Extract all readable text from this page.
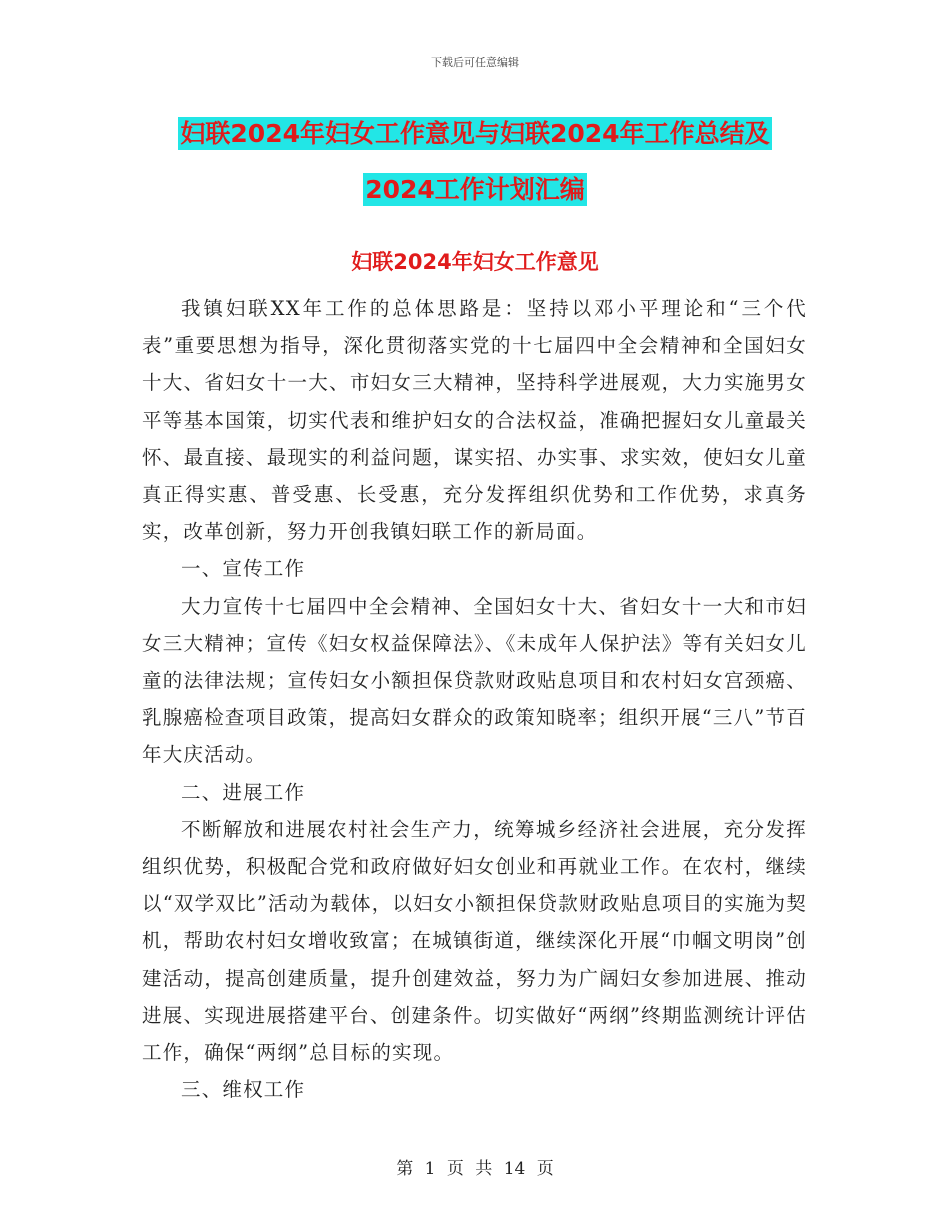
下载后可任意编辑
妇联2024年妇女工作意见与妇联2024年工作总结及
2024工作计划汇编
妇联2024年妇女工作意见

我镇妇联XX年工作的总体思路是：坚持以邓小平理论和“三个代表”重要思想为指导，深化贯彻落实党的十七届四中全会精神和全国妇女十大、省妇女十一大、市妇女三大精神，坚持科学进展观，大力实施男女平等基本国策，切实代表和维护妇女的合法权益，准确把握妇女儿童最关怀、最直接、最现实的利益问题，谋实招、办实事、求实效，使妇女儿童真正得实惠、普受惠、长受惠，充分发挥组织优势和工作优势，求真务实，改革创新，努力开创我镇妇联工作的新局面。

一、宣传工作

大力宣传十七届四中全会精神、全国妇女十大、省妇女十一大和市妇女三大精神；宣传《妇女权益保障法》、《未成年人保护法》等有关妇女儿童的法律法规；宣传妇女小额担保贷款财政贴息项目和农村妇女宫颈癌、乳腺癌检查项目政策，提高妇女群众的政策知晓率；组织开展“三八”节百年大庆活动。

二、进展工作

不断解放和进展农村社会生产力，统筹城乡经济社会进展，充分发挥组织优势，积极配合党和政府做好妇女创业和再就业工作。在农村，继续以“双学双比”活动为载体，以妇女小额担保贷款财政贴息项目的实施为契机，帮助农村妇女增收致富；在城镇街道，继续深化开展“巾帼文明岗”创建活动，提高创建质量，提升创建效益，努力为广阔妇女参加进展、推动进展、实现进展搭建平台、创建条件。切实做好“两纲”终期监测统计评估工作，确保“两纲”总目标的实现。

三、维权工作

第 1 页 共 14 页
